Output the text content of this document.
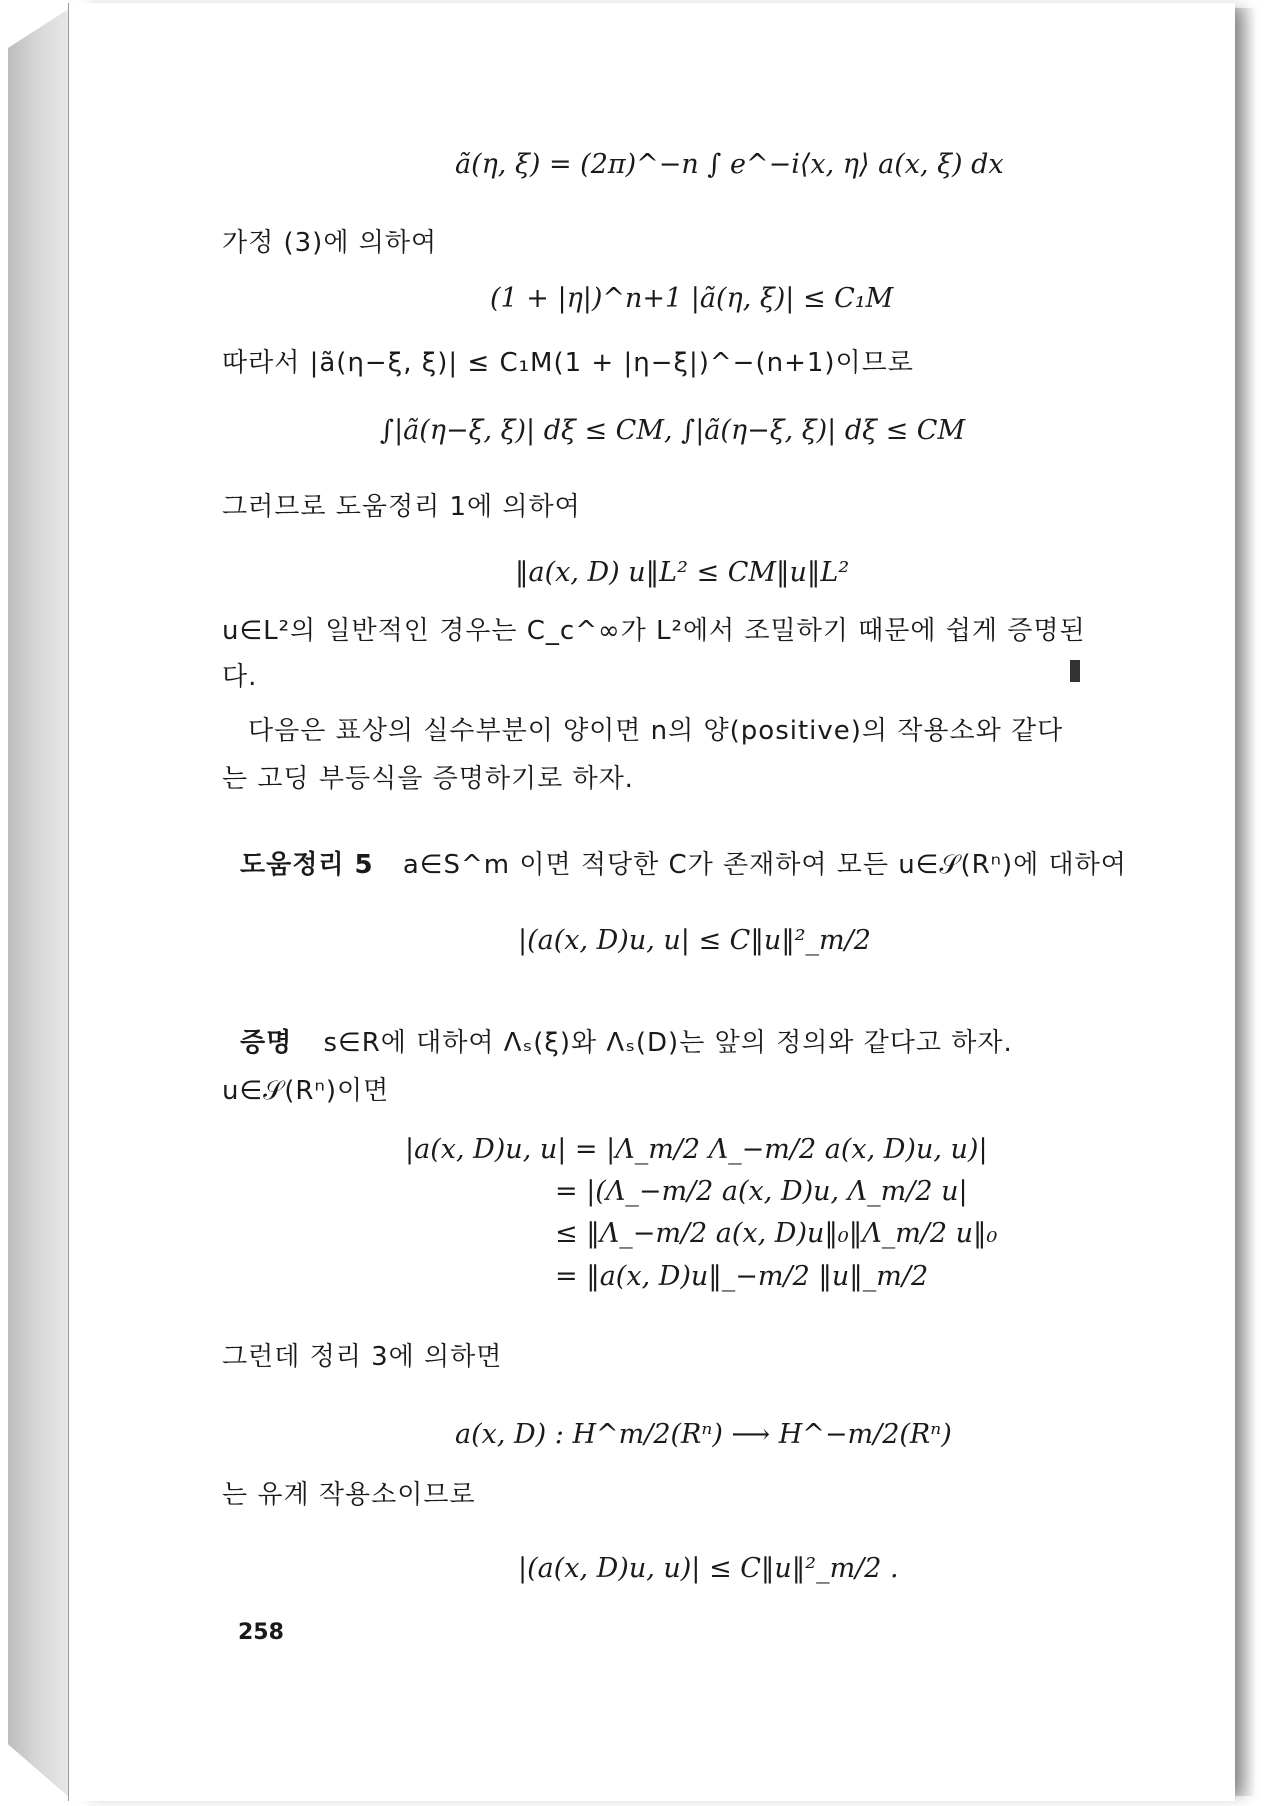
ã(η, ξ) = (2π)^−n ∫ e^−i⟨x, η⟩ a(x, ξ) dx
가정 (3)에 의하여
(1 + |η|)^n+1 |ã(η, ξ)| ≤ C₁M
따라서 |ã(η−ξ, ξ)| ≤ C₁M(1 + |η−ξ|)^−(n+1)이므로
∫|ã(η−ξ, ξ)| dξ ≤ CM, ∫|ã(η−ξ, ξ)| dξ ≤ CM
그러므로 도움정리 1에 의하여
‖a(x, D) u‖L² ≤ CM‖u‖L²
u∈L²의 일반적인 경우는 C_c^∞가 L²에서 조밀하기 때문에 쉽게 증명된
다.
다음은 표상의 실수부분이 양이면 n의 양(positive)의 작용소와 같다
는 고딩 부등식을 증명하기로 하자.
도움정리 5 a∈S^m 이면 적당한 C가 존재하여 모든 u∈𝒮(Rⁿ)에 대하여
|(a(x, D)u, u| ≤ C‖u‖²_m/2
증명 s∈R에 대하여 Λₛ(ξ)와 Λₛ(D)는 앞의 정의와 같다고 하자.
u∈𝒮(Rⁿ)이면
|a(x, D)u, u| = |Λ_m/2 Λ_−m/2 a(x, D)u, u)|
= |(Λ_−m/2 a(x, D)u, Λ_m/2 u|
≤ ‖Λ_−m/2 a(x, D)u‖₀‖Λ_m/2 u‖₀
= ‖a(x, D)u‖_−m/2 ‖u‖_m/2
그런데 정리 3에 의하면
a(x, D) : H^m/2(Rⁿ) ⟶ H^−m/2(Rⁿ)
는 유계 작용소이므로
|(a(x, D)u, u)| ≤ C‖u‖²_m/2 .
258
